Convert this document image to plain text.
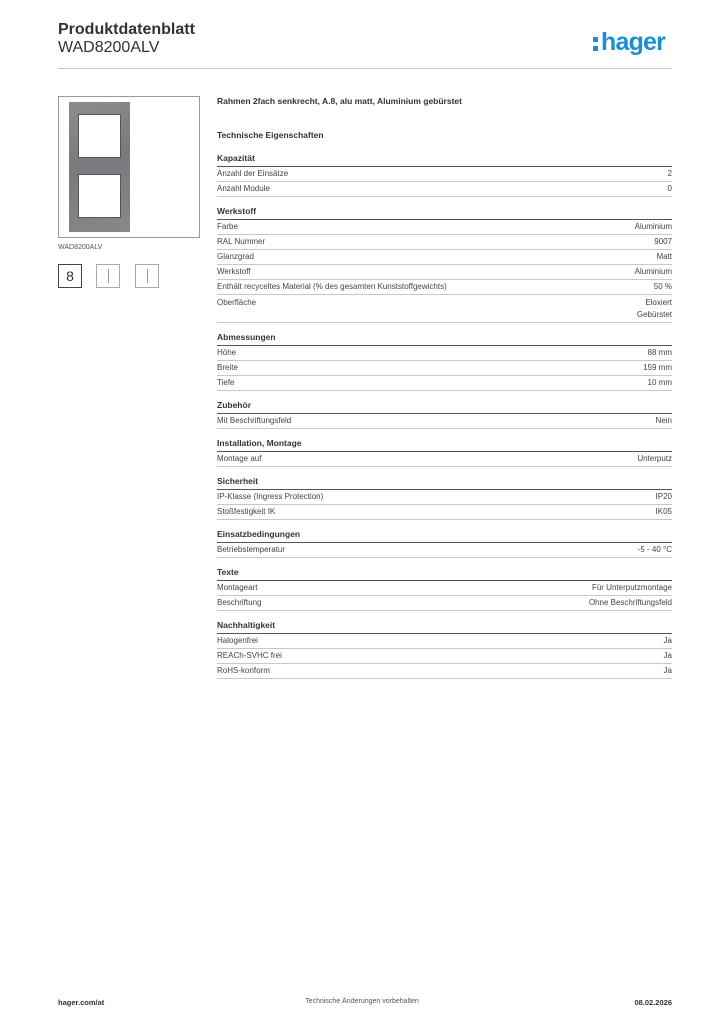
Produktdatenblatt
WAD8200ALV	hager
WAD8200ALV
8
Rahmen 2fach senkrecht, A.8, alu matt, Aluminium gebürstet
Technische Eigenschaften
Kapazität
Anzahl der Einsätze	2
Anzahl Module	0
Werkstoff
Farbe	Aluminium
RAL Nummer	9007
Glanzgrad	Matt
Werkstoff	Aluminium
Enthält recyceltes Material (% des gesamten Kunststoffgewichts)	50 %
Oberfläche	Eloxiert
Gebürstet
Abmessungen
Höhe	88 mm
Breite	159 mm
Tiefe	10 mm
Zubehör
Mit Beschriftungsfeld	Nein
Installation, Montage
Montage auf	Unterputz
Sicherheit
IP-Klasse (Ingress Protection)	IP20
Stoßfestigkeit IK	IK05
Einsatzbedingungen
Betriebstemperatur	-5 - 40 °C
Texte
Montageart	Für Unterputzmontage
Beschriftung	Ohne Beschriftungsfeld
Nachhaltigkeit
Halogenfrei	Ja
REACh-SVHC frei	Ja
RoHS-konform	Ja
hager.com/at	Technische Änderungen vorbehalten	08.02.2026
